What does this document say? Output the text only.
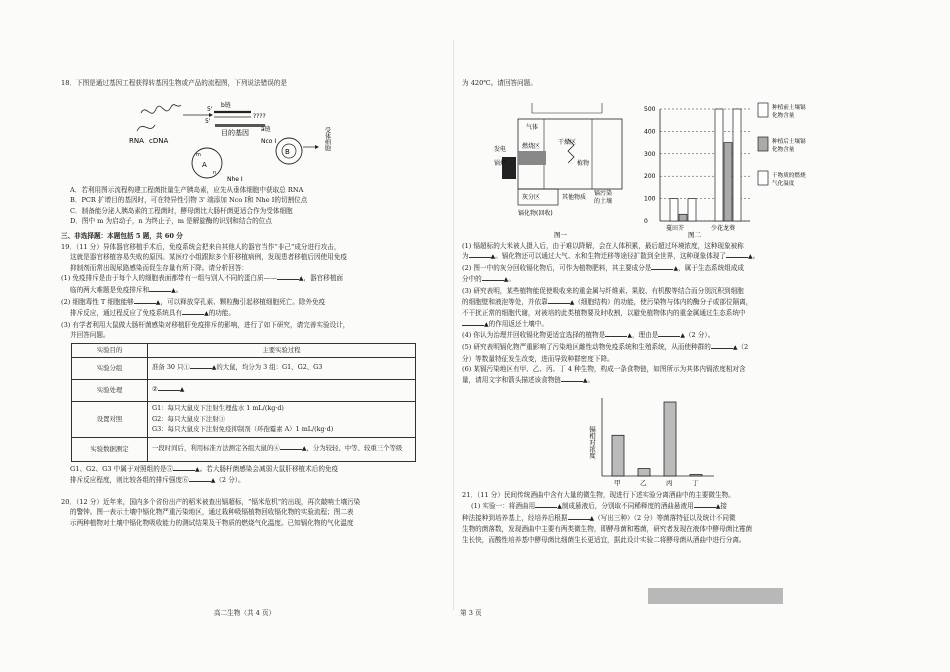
18．下图是通过基因工程获得转基因生物或产品的流程图，下列说法错误的是
b链
5'
????
5'
RNA cDNA
目的基因 a链
Nco Ⅰ
A
m
n
Nhe Ⅰ
B
受体细胞
A．若利用图示流程构建工程菌批量生产胰岛素，应先从垂体细胞中获取总 RNA
B．PCR 扩增目的基因时，可在特异性引物 3' 端添加 Nco Ⅰ和 Nhe Ⅰ的切割位点
C．制备能分泌人胰岛素的工程菌时，酵母菌比大肠杆菌更适合作为受体细胞
D．图中 m 为启动子，n 为终止子，m 是解旋酶的识别和结合的位点
三、非选择题：本题包括 5 题，共 60 分
19．（11 分）异体器官移植手术后，免疫系统会把来自其他人的器官当作“非己”成分进行攻击，
这就是器官移植容易失败的原因。某医疗小组跟踪多个肝移植病例，发现患者移植后因使用免疫
抑制剂而常出现尿路感染而促生存量有所下降。请分析回答：
(1) 免疫排斥是由于每个人的细胞表面都带有一组与别人不同的蛋白质——	▲，器官移植面
临的两大难题是免疫排斥和	▲。
(2) 细胞毒性 T 细胞能够	▲，可以释放穿孔素、颗粒酶引起移植细胞死亡。除外免疫
排斥反应，通过程反应了免疫系统具有	▲的功能。
(3) 有学者利用大鼠做大肠杆菌感染对移植肝免疫排斥的影响，进行了如下研究，请完善实验设计，
并回答问题。
实验目的	主要实验过程
实验分组	准备 30 只① ▲的大鼠，均分为 3 组：G1、G2、G3
实验处理	② ▲
设置对照	G1：每只大鼠皮下注射生理盐水 1 mL/(kg·d)
G2：每只大鼠皮下注射③
G3：每只大鼠皮下注射免疫抑制剂（环孢霉素 A）1 mL/(kg·d)
实验数据测定	一段时间后，利用标准方法测定各组大鼠的④ ▲，分为较轻、中等、较重三个等级
G1、G2、G3 中属于对照组的是⑤	▲。若大肠杆菌感染会减弱大鼠肝移植术后的免疫
排斥反应程度，则比较各组的排斥强度⑥	▲（2 分）。
20．（12 分）近年来，国内多个省份出产的稻米被查出镉超标，“镉米危机”的出现，再次敲响土壤污染
的警钟。图一表示土壤中镉化物严重污染地区，通过栽种吸镉植物回收镉化物的实验流程；图二表
示两种植物对土壤中镉化物吸收能力的测试结果及干物质的燃烧气化温度。已知镉化物的气化温度
为 420℃。请回答问题。
气体
燃烧区
干燥区
发电
锅炉	植物
灰分区	其他物质
镉污染
的土壤
镉化物(回收)
图一
500
400
300
200
100
0
蔓田芥	少花龙葵
图二
种植前土壤镉
化物含量
种植后土壤镉
化物含量
干物质的燃烧
气化温度
(1) 镉超标的大米被人摄入后，由于难以降解，会在人体积累，最后超过环境浓度，这种现象被称
为	▲。镉化物还可以通过大气、水和生物迁移等途径扩散到全世界，这种现象体现了	▲。
(2) 图一中的灰分回收镉化物后，可作为植物肥料，其主要成分是	▲，属于生态系统组成成
分中的	▲。
(3) 研究表明，某些植物能促使吸收来的重金属与纤维素、果胶、有机酸等结合而分别沉积到细胞
的细胞壁和液泡等处，并依靠	▲（细胞结构）的功能，使污染物与体内的酶分子或部位隔离，
不干扰正常的细胞代谢，对被培的此类植物要及时收割，以避免植物体内的重金属通过生态系统中
▲的作用返还土壤中。
(4) 你认为治理并回收镉化物更适宜选择的植物是	▲，理由是	▲（2 分）。
(5) 研究表明镉化物严重影响了污染地区雌性动物免疫系统和生殖系统，从而使种群的	▲（2
分）等数量特征发生改变，进而导致种群密度下降。
(6) 某镉污染地区有甲、乙、丙、丁 4 种生物，构成一条食物链，如图所示为其体内镉浓度相对含
量，请用文字和箭头描述该食物链	▲。
镉相对浓度
甲	乙	丙	丁
21．（11 分）民间传统酒曲中含有大量的微生物，现进行下述实验分离酒曲中的主要微生物。
(1) 实验一：将酒曲用	▲制成悬液后，分别取不同稀释度的酒曲悬液用	▲接
种法接种到培养基上，经培养后根据	▲（写出三种）（2 分）等菌落特征以及统计不同微
生物的菌落数，发现酒曲中主要有两类微生物，即酵母菌和霉菌，研究者发现在液体中酵母菌比霉菌
生长快，而酸性培养基中酵母菌比细菌生长更适宜，据此设计实验二将酵母菌从酒曲中进行分离。
高二生物（共 4 页）	第 3 页
